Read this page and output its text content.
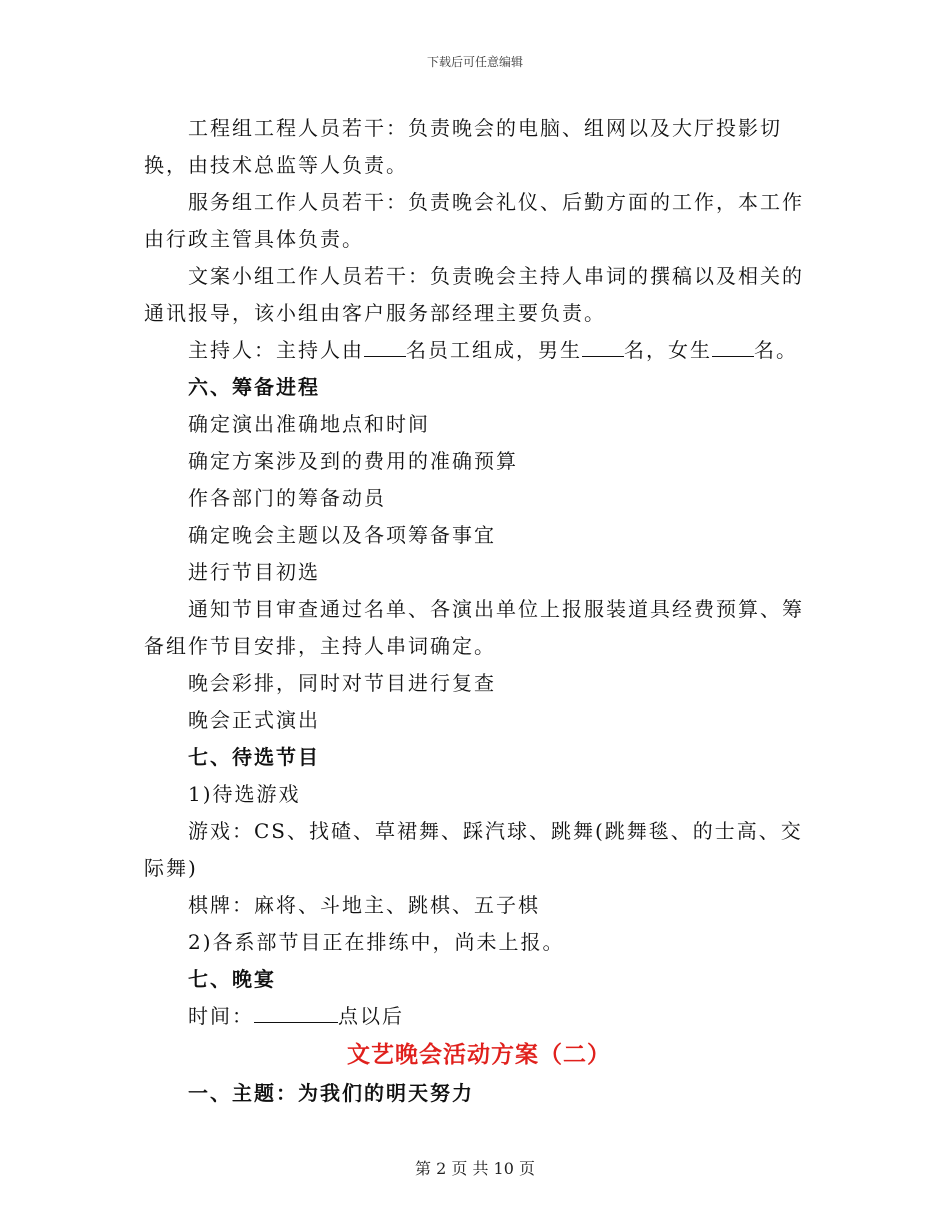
下载后可任意编辑

工程组工程人员若干：负责晚会的电脑、组网以及大厅投影切换，由技术总监等人负责。

服务组工作人员若干：负责晚会礼仪、后勤方面的工作，本工作由行政主管具体负责。

文案小组工作人员若干：负责晚会主持人串词的撰稿以及相关的通讯报导，该小组由客户服务部经理主要负责。

主持人：主持人由 名员工组成，男生 名，女生 名。

六、筹备进程

确定演出准确地点和时间

确定方案涉及到的费用的准确预算

作各部门的筹备动员

确定晚会主题以及各项筹备事宜

进行节目初选

通知节目审查通过名单、各演出单位上报服装道具经费预算、筹备组作节目安排，主持人串词确定。

晚会彩排，同时对节目进行复查

晚会正式演出

七、待选节目

1)待选游戏

游戏：CS、找碴、草裙舞、踩汽球、跳舞(跳舞毯、的士高、交际舞)

棋牌：麻将、斗地主、跳棋、五子棋

2)各系部节目正在排练中，尚未上报。

七、晚宴

时间：	点以后

文艺晚会活动方案（二）

一、主题：为我们的明天努力

第 2 页 共 10 页
